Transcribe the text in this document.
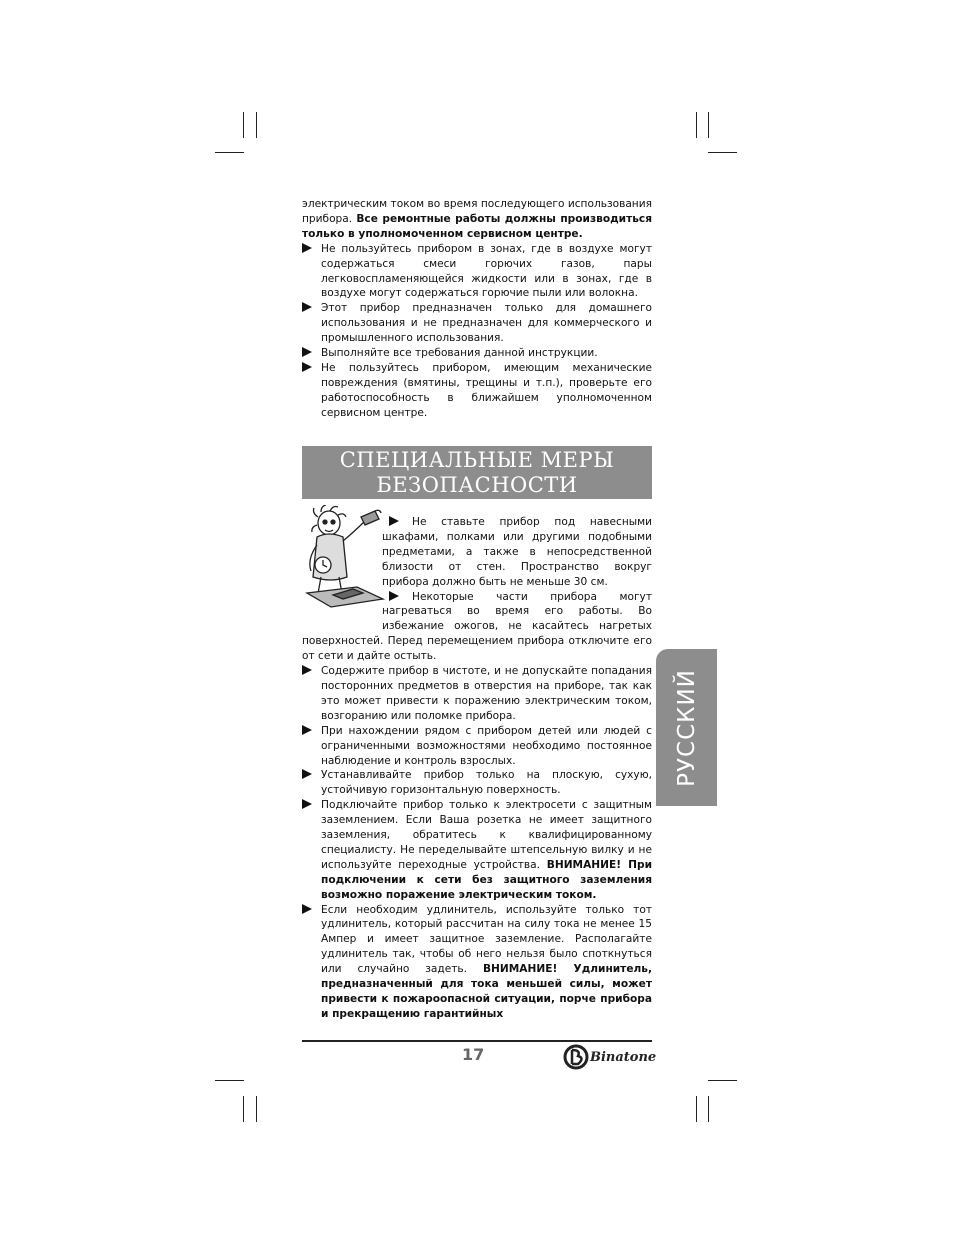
электрическим током во время последующего использования прибора. Все ремонтные работы должны производиться только в уполномоченном сервисном центре.

Не пользуйтесь прибором в зонах, где в воздухе могут содержаться смеси горючих газов, пары легковоспламеняющейся жидкости или в зонах, где в воздухе могут содержаться горючие пыли или волокна.

Этот прибор предназначен только для домашнего использования и не предназначен для коммерческого и промышленного использования.

Выполняйте все требования данной инструкции.

Не пользуйтесь прибором, имеющим механические повреждения (вмятины, трещины и т.п.), проверьте его работоспособность в ближайшем уполномоченном сервисном центре.

СПЕЦИАЛЬНЫЕ МЕРЫ
БЕЗОПАСНОСТИ

Не ставьте прибор под навесными шкафами, полками или другими подобными предметами, а также в непосредственной близости от стен. Пространство вокруг прибора должно быть не меньше 30 см.

Некоторые части прибора могут нагреваться во время его работы. Во избежание ожогов, не касайтесь нагретых поверхностей. Перед перемещением прибора отключите его от сети и дайте остыть.

Содержите прибор в чистоте, и не допускайте попадания посторонних предметов в отверстия на приборе, так как это может привести к поражению электрическим током, возгоранию или поломке прибора.

При нахождении рядом с прибором детей или людей с ограниченными возможностями необходимо постоянное наблюдение и контроль взрослых.

Устанавливайте прибор только на плоскую, сухую, устойчивую горизонтальную поверхность.

Подключайте прибор только к электросети с защитным заземлением. Если Ваша розетка не имеет защитного заземления, обратитесь к квалифицированному специалисту. Не переделывайте штепсельную вилку и не используйте переходные устройства. ВНИМАНИЕ! При подключении к сети без защитного заземления возможно поражение электрическим током.

Если необходим удлинитель, используйте только тот удлинитель, который рассчитан на силу тока не менее 15 Ампер и имеет защитное заземление. Располагайте удлинитель так, чтобы об него нельзя было споткнуться или случайно задеть. ВНИМАНИЕ! Удлинитель, предназначенный для тока меньшей силы, может привести к пожароопасной ситуации, порче прибора и прекращению гарантийных

РУССКИЙ
17	Binatone
